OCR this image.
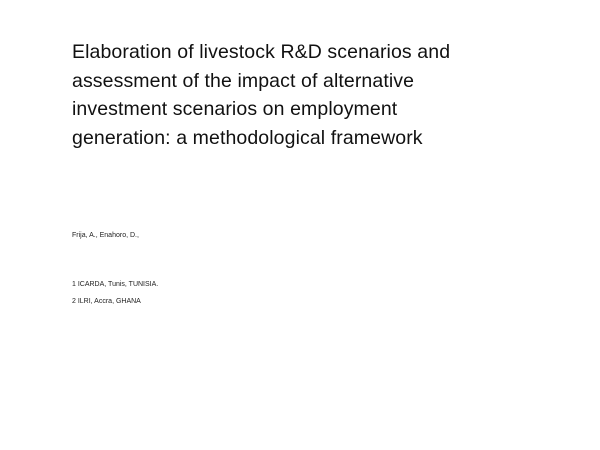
Elaboration of livestock R&D scenarios and
assessment of the impact of alternative
investment scenarios on employment
generation: a methodological framework

Frija, A., Enahoro, D.,

1 ICARDA, Tunis, TUNISIA.
2 ILRI, Accra, GHANA
